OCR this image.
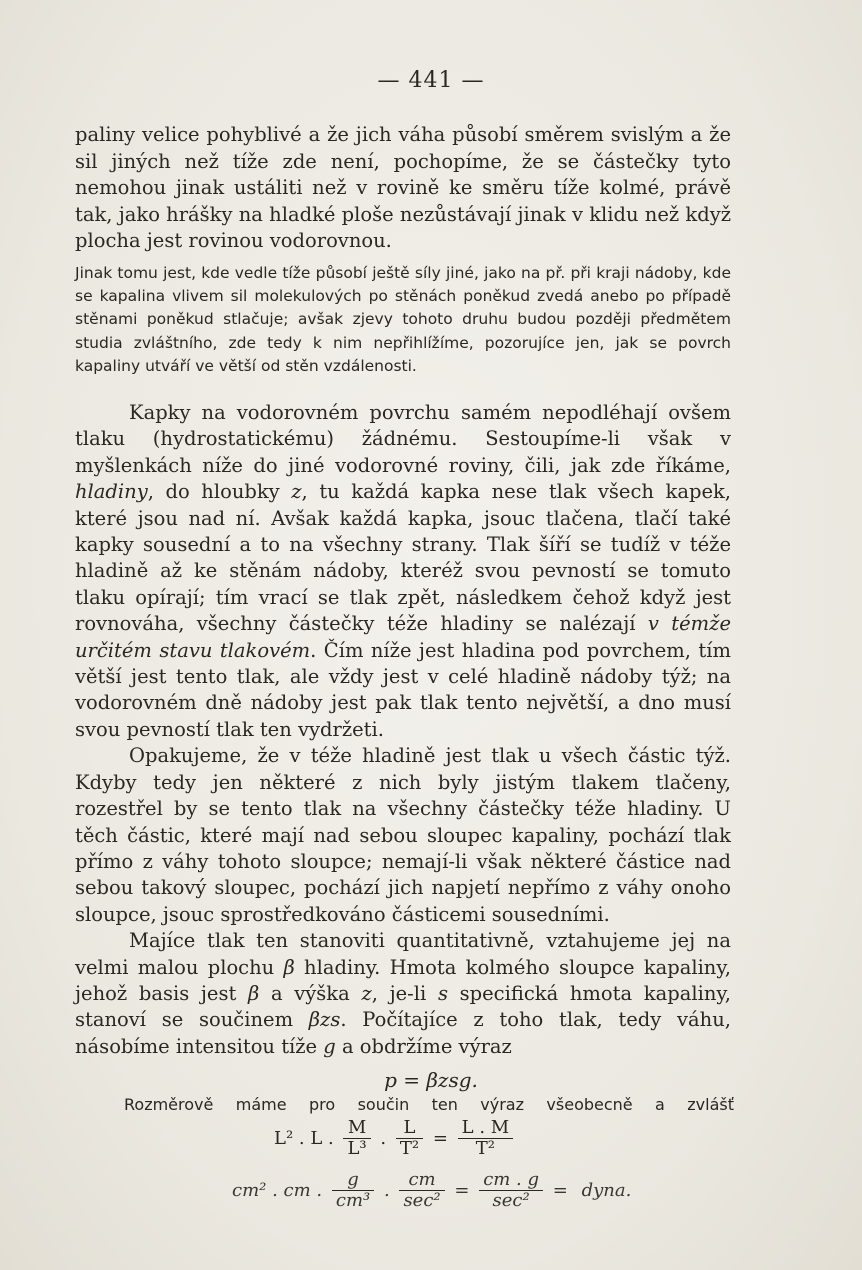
— 441 —
paliny velice pohyblivé a že jich váha působí směrem svislým a že sil jiných než tíže zde není, pochopíme, že se částečky tyto nemohou jinak ustáliti než v rovině ke směru tíže kolmé, právě tak, jako hrášky na hladké ploše nezůstávají jinak v klidu než když plocha jest rovinou vodorovnou.
Jinak tomu jest, kde vedle tíže působí ještě síly jiné, jako na př. při kraji nádoby, kde se kapalina vlivem sil molekulových po stěnách poněkud zvedá anebo po případě stěnami poněkud stlačuje; avšak zjevy tohoto druhu budou později předmětem studia zvláštního, zde tedy k nim nepřihlížíme, pozorujíce jen, jak se povrch kapaliny utváří ve větší od stěn vzdálenosti.

Kapky na vodorovném povrchu samém nepodléhají ovšem tlaku (hydrostatickému) žádnému. Sestoupíme-li však v myšlenkách níže do jiné vodorovné roviny, čili, jak zde říkáme, hladiny, do hloubky z, tu každá kapka nese tlak všech kapek, které jsou nad ní. Avšak každá kapka, jsouc tlačena, tlačí také kapky sousední a to na všechny strany. Tlak šíří se tudíž v téže hladině až ke stěnám nádoby, kteréž svou pevností se tomuto tlaku opírají; tím vrací se tlak zpět, následkem čehož když jest rovnováha, všechny částečky téže hladiny se nalézají v témže určitém stavu tlakovém. Čím níže jest hladina pod povrchem, tím větší jest tento tlak, ale vždy jest v celé hladině nádoby týž; na vodorovném dně nádoby jest pak tlak tento největší, a dno musí svou pevností tlak ten vydržeti.

Opakujeme, že v téže hladině jest tlak u všech částic týž. Kdyby tedy jen některé z nich byly jistým tlakem tlačeny, rozestřel by se tento tlak na všechny částečky téže hladiny. U těch částic, které mají nad sebou sloupec kapaliny, pochází tlak přímo z váhy tohoto sloupce; nemají-li však některé částice nad sebou takový sloupec, pochází jich napjetí nepřímo z váhy onoho sloupce, jsouc sprostředkováno částicemi sousedními.

Majíce tlak ten stanoviti quantitativně, vztahujeme jej na velmi malou plochu β hladiny. Hmota kolmého sloupce kapaliny, jehož basis jest β a výška z, je-li s specifická hmota kapaliny, stanoví se součinem βzs. Počítajíce z toho tlak, tedy váhu, násobíme intensitou tíže g a obdržíme výraz

p = βzsg.
Rozměrově máme pro součin ten výraz všeobecně a zvlášť
L² . L . $\frac{M}{\text{L³}}$ . $\frac{L}{\text{T²}} = \frac{L . M}{\text{T²}}$
cm² . cm . $\frac{g}{\text{cm³}}$ . $\frac{cm}{\text{sec²}} = \frac{cm . g}{\text{sec²}}$ = dyna.
